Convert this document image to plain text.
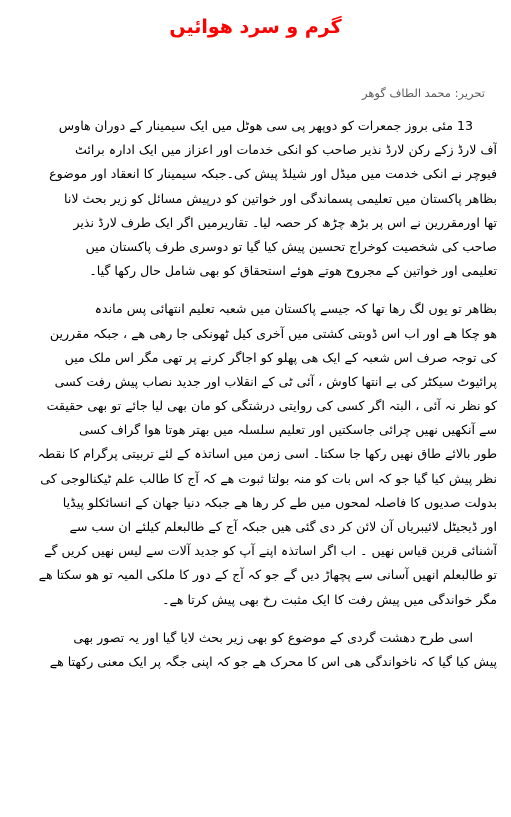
گرم و سرد ھوائیں
تحریر: محمد الطاف گوھر
13 مئی بروز جمعرات کو دوپھر پی سی ھوٹل میں ایک سیمینار کے دوران ھاوس
آف لارڈ زکے رکن لارڈ نذیر صاحب کو انکی خدمات اور اعزاز میں ایک ادارہ برائٹ
فیوچر نے انکی خدمت میں میڈل اور شیلڈ پیش کی۔جبکہ سیمینار کا انعقاد اور موضوع
بظاھر پاکستان میں تعلیمی پسماندگی اور خواتین کو درپیش مسائل کو زیر بحث لانا
تھا اورمقررین نے اس پر بڑھ چڑھ کر حصہ لیا۔ تقاریرمیں اگر ایک طرف لارڈ نذیر
صاحب کی شخصیت کوخراج تحسین پیش کیا گیا تو دوسری طرف پاکستان میں
تعلیمی اور خواتین کے مجروح ھوتے ھوئے استحقاق کو بھی شامل حال رکھا گیا۔
بظاھر تو یوں لگ رھا تھا کہ جیسے پاکستان میں شعبہ تعلیم انتھائی پس ماندہ
ھو چکا ھے اور اب اس ڈوبتی کشتی میں آخری کیل ٹھونکی جا رھی ھے ، جبکہ مقررین
کی توجہ صرف اس شعبہ کے ایک ھی پھلو کو اجاگر کرنے پر تھی مگر اس ملک میں
پرائیوٹ سیکٹر کی بے انتھا کاوش ، آئی ٹی کے انقلاب اور جدید نصاب پیش رفت کسی
کو نظر نہ آئی ، البتہ اگر کسی کی روایتی درشتگی کو مان بھی لیا جائے تو بھی حقیقت
سے آنکھیں نھیں چرائی جاسکتیں اور تعلیم سلسلہ میں بھتر ھوتا ھوا گراف کسی
طور بالائے طاق نھیں رکھا جا سکتا۔ اسی زمن میں اساتذہ کے لئے تربیتی پرگرام کا نقطہ
نظر پیش کیا گیا جو کہ اس بات کو منہ بولتا ثبوت ھے کہ آج کا طالب علم ٹیکنالوجی کی
بدولت صدیوں کا فاصلہ لمحوں میں طے کر رھا ھے جبکہ دنیا جھان کے انسائکلو پیڈیا
اور ڈیجیٹل لائیبریاں آن لائن کر دی گئی ھیں جبکہ آج کے طالبعلم کیلئے ان سب سے
آشنائی قرین قیاس نھیں ۔ اب اگر اساتذہ اپنے آپ کو جدید آلات سے لیس نھیں کریں گے
تو طالبعلم انھیں آسانی سے پچھاڑ دیں گے جو کہ آج کے دور کا ملکی المیہ تو ھو سکتا ھے
مگر خواندگی میں پیش رفت کا ایک مثبت رخ بھی پیش کرتا ھے۔
اسی طرح دھشت گردی کے موضوع کو بھی زیر بحث لایا گیا اور یہ تصور بھی
پیش کیا گیا کہ ناخواندگی ھی اس کا محرک ھے جو کہ اپنی جگہ پر ایک معنی رکھتا ھے
